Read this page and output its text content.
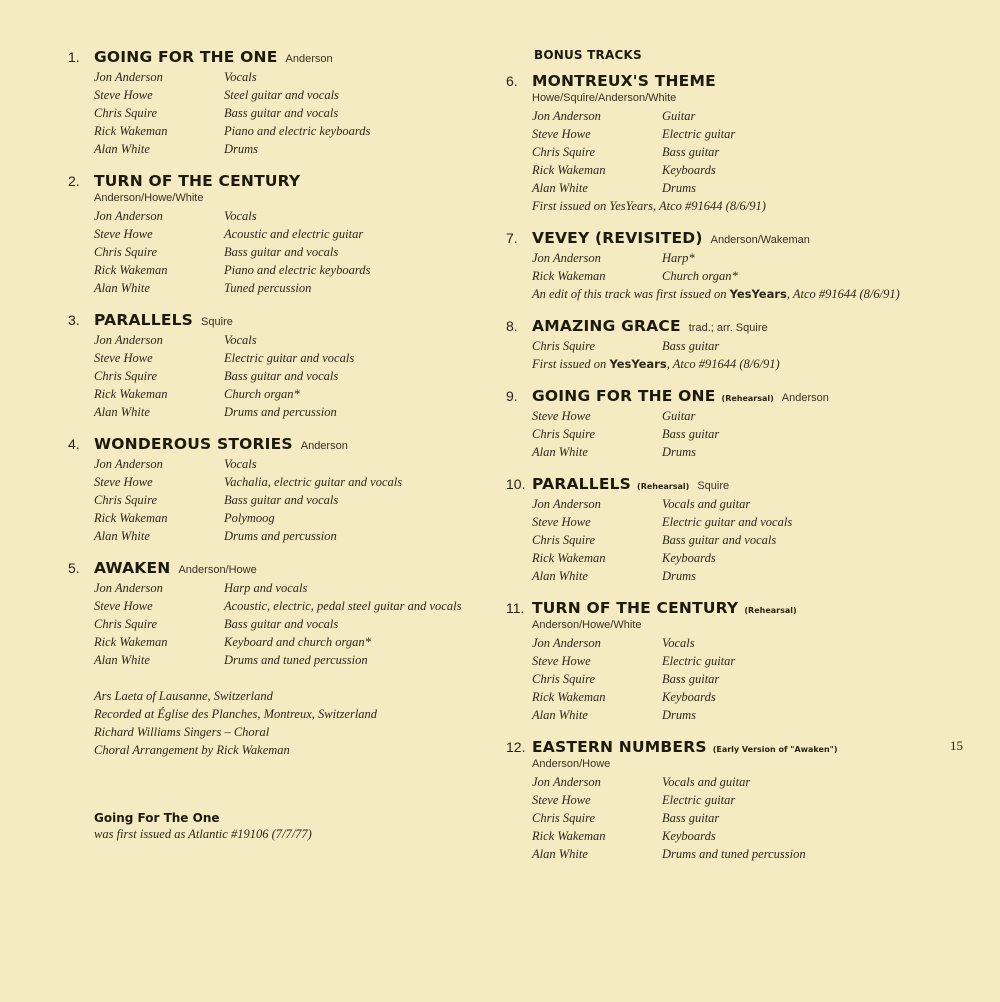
1. GOING FOR THE ONE Anderson
Jon Anderson	Vocals
Steve Howe	Steel guitar and vocals
Chris Squire	Bass guitar and vocals
Rick Wakeman	Piano and electric keyboards
Alan White	Drums
2. TURN OF THE CENTURY
Anderson/Howe/White
Jon Anderson	Vocals
Steve Howe	Acoustic and electric guitar
Chris Squire	Bass guitar and vocals
Rick Wakeman	Piano and electric keyboards
Alan White	Tuned percussion
3. PARALLELS Squire
Jon Anderson	Vocals
Steve Howe	Electric guitar and vocals
Chris Squire	Bass guitar and vocals
Rick Wakeman	Church organ*
Alan White	Drums and percussion
4. WONDEROUS STORIES Anderson
Jon Anderson	Vocals
Steve Howe	Vachalia, electric guitar and vocals
Chris Squire	Bass guitar and vocals
Rick Wakeman	Polymoog
Alan White	Drums and percussion
5. AWAKEN Anderson/Howe
Jon Anderson	Harp and vocals
Steve Howe	Acoustic, electric, pedal steel guitar and vocals
Chris Squire	Bass guitar and vocals
Rick Wakeman	Keyboard and church organ*
Alan White	Drums and tuned percussion
Ars Laeta of Lausanne, Switzerland
Recorded at Église des Planches, Montreux, Switzerland
Richard Williams Singers – Choral
Choral Arrangement by Rick Wakeman
Going For The One
was first issued as Atlantic #19106 (7/7/77)
BONUS TRACKS
6. MONTREUX'S THEME
Howe/Squire/Anderson/White
Jon Anderson	Guitar
Steve Howe	Electric guitar
Chris Squire	Bass guitar
Rick Wakeman	Keyboards
Alan White	Drums
First issued on YesYears, Atco #91644 (8/6/91)
7. VEVEY (REVISITED) Anderson/Wakeman
Jon Anderson	Harp*
Rick Wakeman	Church organ*
An edit of this track was first issued on YesYears, Atco #91644 (8/6/91)
8. AMAZING GRACE trad.; arr. Squire
Chris Squire	Bass guitar
First issued on YesYears, Atco #91644 (8/6/91)
9. GOING FOR THE ONE (Rehearsal) Anderson
Steve Howe	Guitar
Chris Squire	Bass guitar
Alan White	Drums
10. PARALLELS (Rehearsal) Squire
Jon Anderson	Vocals and guitar
Steve Howe	Electric guitar and vocals
Chris Squire	Bass guitar and vocals
Rick Wakeman	Keyboards
Alan White	Drums
11. TURN OF THE CENTURY (Rehearsal)
Anderson/Howe/White
Jon Anderson	Vocals
Steve Howe	Electric guitar
Chris Squire	Bass guitar
Rick Wakeman	Keyboards
Alan White	Drums
12. EASTERN NUMBERS (Early Version of "Awaken")
Anderson/Howe
Jon Anderson	Vocals and guitar
Steve Howe	Electric guitar
Chris Squire	Bass guitar
Rick Wakeman	Keyboards
Alan White	Drums and tuned percussion
15
